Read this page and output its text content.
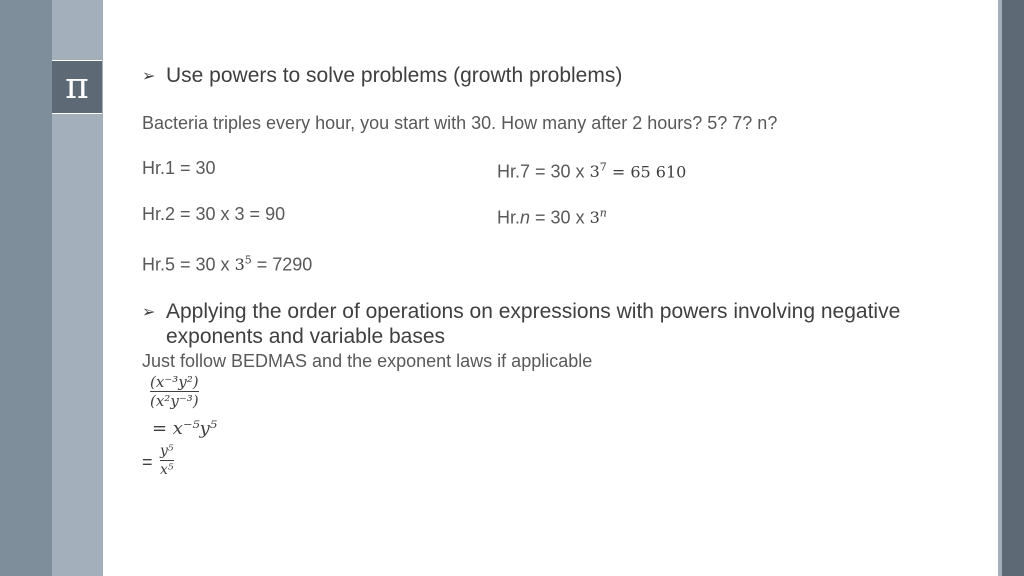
π	➢ Use powers to solve problems (growth problems)
Bacteria triples every hour, you start with 30. How many after 2 hours? 5? 7? n?
Hr.1 = 30
Hr.2 = 30 x 3 = 90
Hr.5 = 30 x $3^5 = 7290$
Hr.7 = 30 x $3^7 = 65$ 610
Hr.n = 30 x 3$^n$
➢ Applying the order of operations on expressions with powers involving negative exponents and variable bases
Just follow BEDMAS and the exponent laws if applicable
(x⁻³y²)
(x²y⁻³)
= x⁻⁵y⁵
=
y⁵
x⁵
